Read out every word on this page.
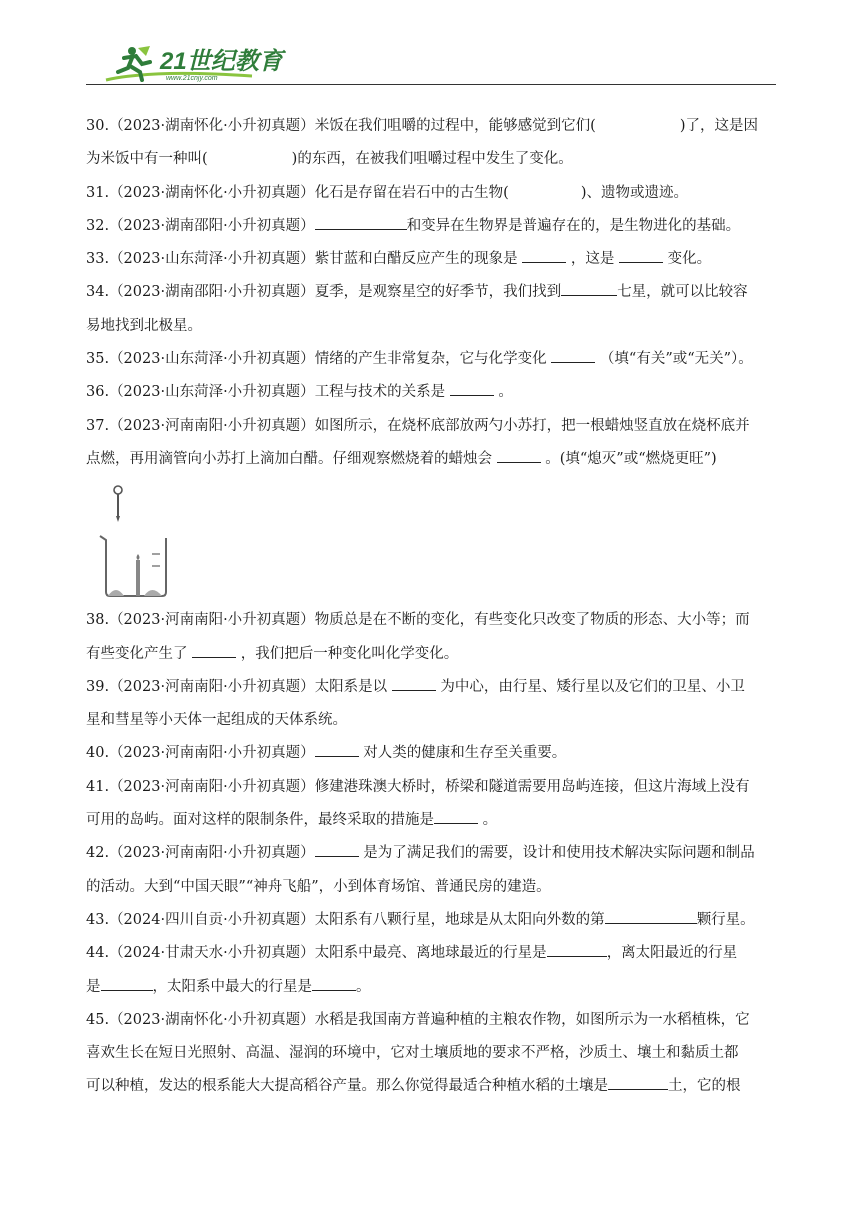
21世纪教育
www.21cnjy.com

30.（2023·湖南怀化·小升初真题）米饭在我们咀嚼的过程中，能够感觉到它们(	)了，这是因
为米饭中有一种叫(	)的东西，在被我们咀嚼过程中发生了变化。

31.（2023·湖南怀化·小升初真题）化石是存留在岩石中的古生物(	)、遗物或遗迹。

32.（2023·湖南邵阳·小升初真题）	和变异在生物界是普遍存在的，是生物进化的基础。

33.（2023·山东菏泽·小升初真题）紫甘蓝和白醋反应产生的现象是	，这是	变化。

34.（2023·湖南邵阳·小升初真题）夏季，是观察星空的好季节，我们找到	七星，就可以比较容
易地找到北极星。

35.（2023·山东菏泽·小升初真题）情绪的产生非常复杂，它与化学变化	（填“有关”或“无关”）。

36.（2023·山东菏泽·小升初真题）工程与技术的关系是	。

37.（2023·河南南阳·小升初真题）如图所示，在烧杯底部放两勺小苏打，把一根蜡烛竖直放在烧杯底并
点燃，再用滴管向小苏打上滴加白醋。仔细观察燃烧着的蜡烛会	。(填“熄灭”或“燃烧更旺”)

38.（2023·河南南阳·小升初真题）物质总是在不断的变化，有些变化只改变了物质的形态、大小等；而
有些变化产生了	，我们把后一种变化叫化学变化。

39.（2023·河南南阳·小升初真题）太阳系是以	为中心，由行星、矮行星以及它们的卫星、小卫
星和彗星等小天体一起组成的天体系统。

40.（2023·河南南阳·小升初真题）	对人类的健康和生存至关重要。

41.（2023·河南南阳·小升初真题）修建港珠澳大桥时，桥梁和隧道需要用岛屿连接，但这片海域上没有
可用的岛屿。面对这样的限制条件，最终采取的措施是	。

42.（2023·河南南阳·小升初真题）	是为了满足我们的需要，设计和使用技术解决实际问题和制品
的活动。大到“中国天眼”“神舟飞船”，小到体育场馆、普通民房的建造。

43.（2024·四川自贡·小升初真题）太阳系有八颗行星，地球是从太阳向外数的第	颗行星。

44.（2024·甘肃天水·小升初真题）太阳系中最亮、离地球最近的行星是	，离太阳最近的行星
是	，太阳系中最大的行星是	。

45.（2023·湖南怀化·小升初真题）水稻是我国南方普遍种植的主粮农作物，如图所示为一水稻植株，它
喜欢生长在短日光照射、高温、湿润的环境中，它对土壤质地的要求不严格，沙质土、壤土和黏质土都
可以种植，发达的根系能大大提高稻谷产量。那么你觉得最适合种植水稻的土壤是	土，它的根
